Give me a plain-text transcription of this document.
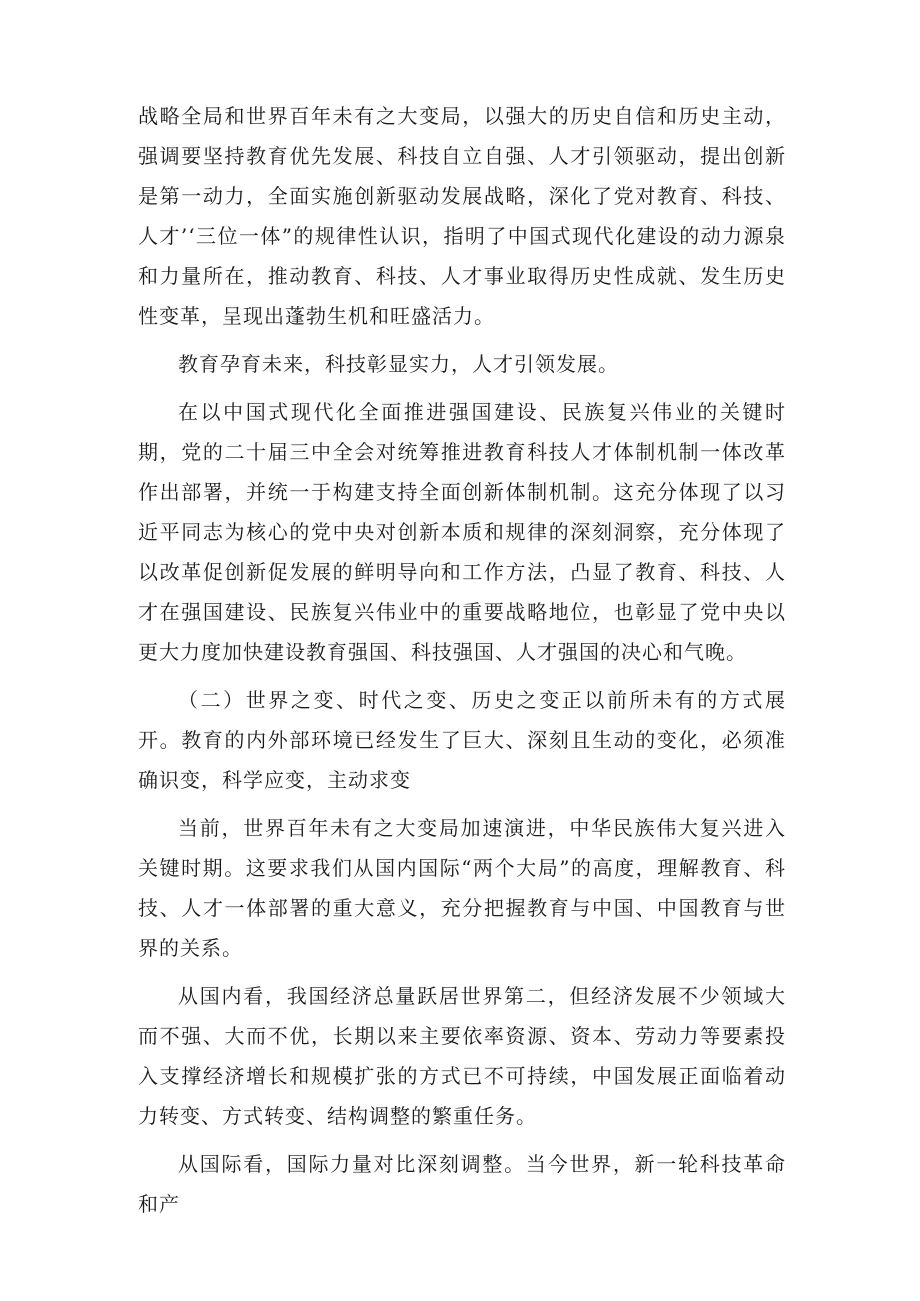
战略全局和世界百年未有之大变局，以强大的历史自信和历史主动，强调要坚持教育优先发展、科技自立自强、人才引领驱动，提出创新是第一动力，全面实施创新驱动发展战略，深化了党对教育、科技、人才’‘三位一体”的规律性认识，指明了中国式现代化建设的动力源泉和力量所在，推动教育、科技、人才事业取得历史性成就、发生历史性变革，呈现出蓬勃生机和旺盛活力。

教育孕育未来，科技彰显实力，人才引领发展。

在以中国式现代化全面推进强国建设、民族复兴伟业的关键时期，党的二十届三中全会对统筹推进教育科技人才体制机制一体改革作出部署，并统一于构建支持全面创新体制机制。这充分体现了以习近平同志为核心的党中央对创新本质和规律的深刻洞察，充分体现了以改革促创新促发展的鲜明导向和工作方法，凸显了教育、科技、人才在强国建设、民族复兴伟业中的重要战略地位，也彰显了党中央以更大力度加快建设教育强国、科技强国、人才强国的决心和气晚。

（二）世界之变、时代之变、历史之变正以前所未有的方式展开。教育的内外部环境已经发生了巨大、深刻且生动的变化，必须准确识变，科学应变，主动求变

当前，世界百年未有之大变局加速演进，中华民族伟大复兴进入关键时期。这要求我们从国内国际“两个大局”的高度，理解教育、科技、人才一体部署的重大意义，充分把握教育与中国、中国教育与世界的关系。

从国内看，我国经济总量跃居世界第二，但经济发展不少领域大而不强、大而不优，长期以来主要依率资源、资本、劳动力等要素投入支撑经济增长和规模扩张的方式已不可持续，中国发展正面临着动力转变、方式转变、结构调整的繁重任务。

从国际看，国际力量对比深刻调整。当今世界，新一轮科技革命和产
